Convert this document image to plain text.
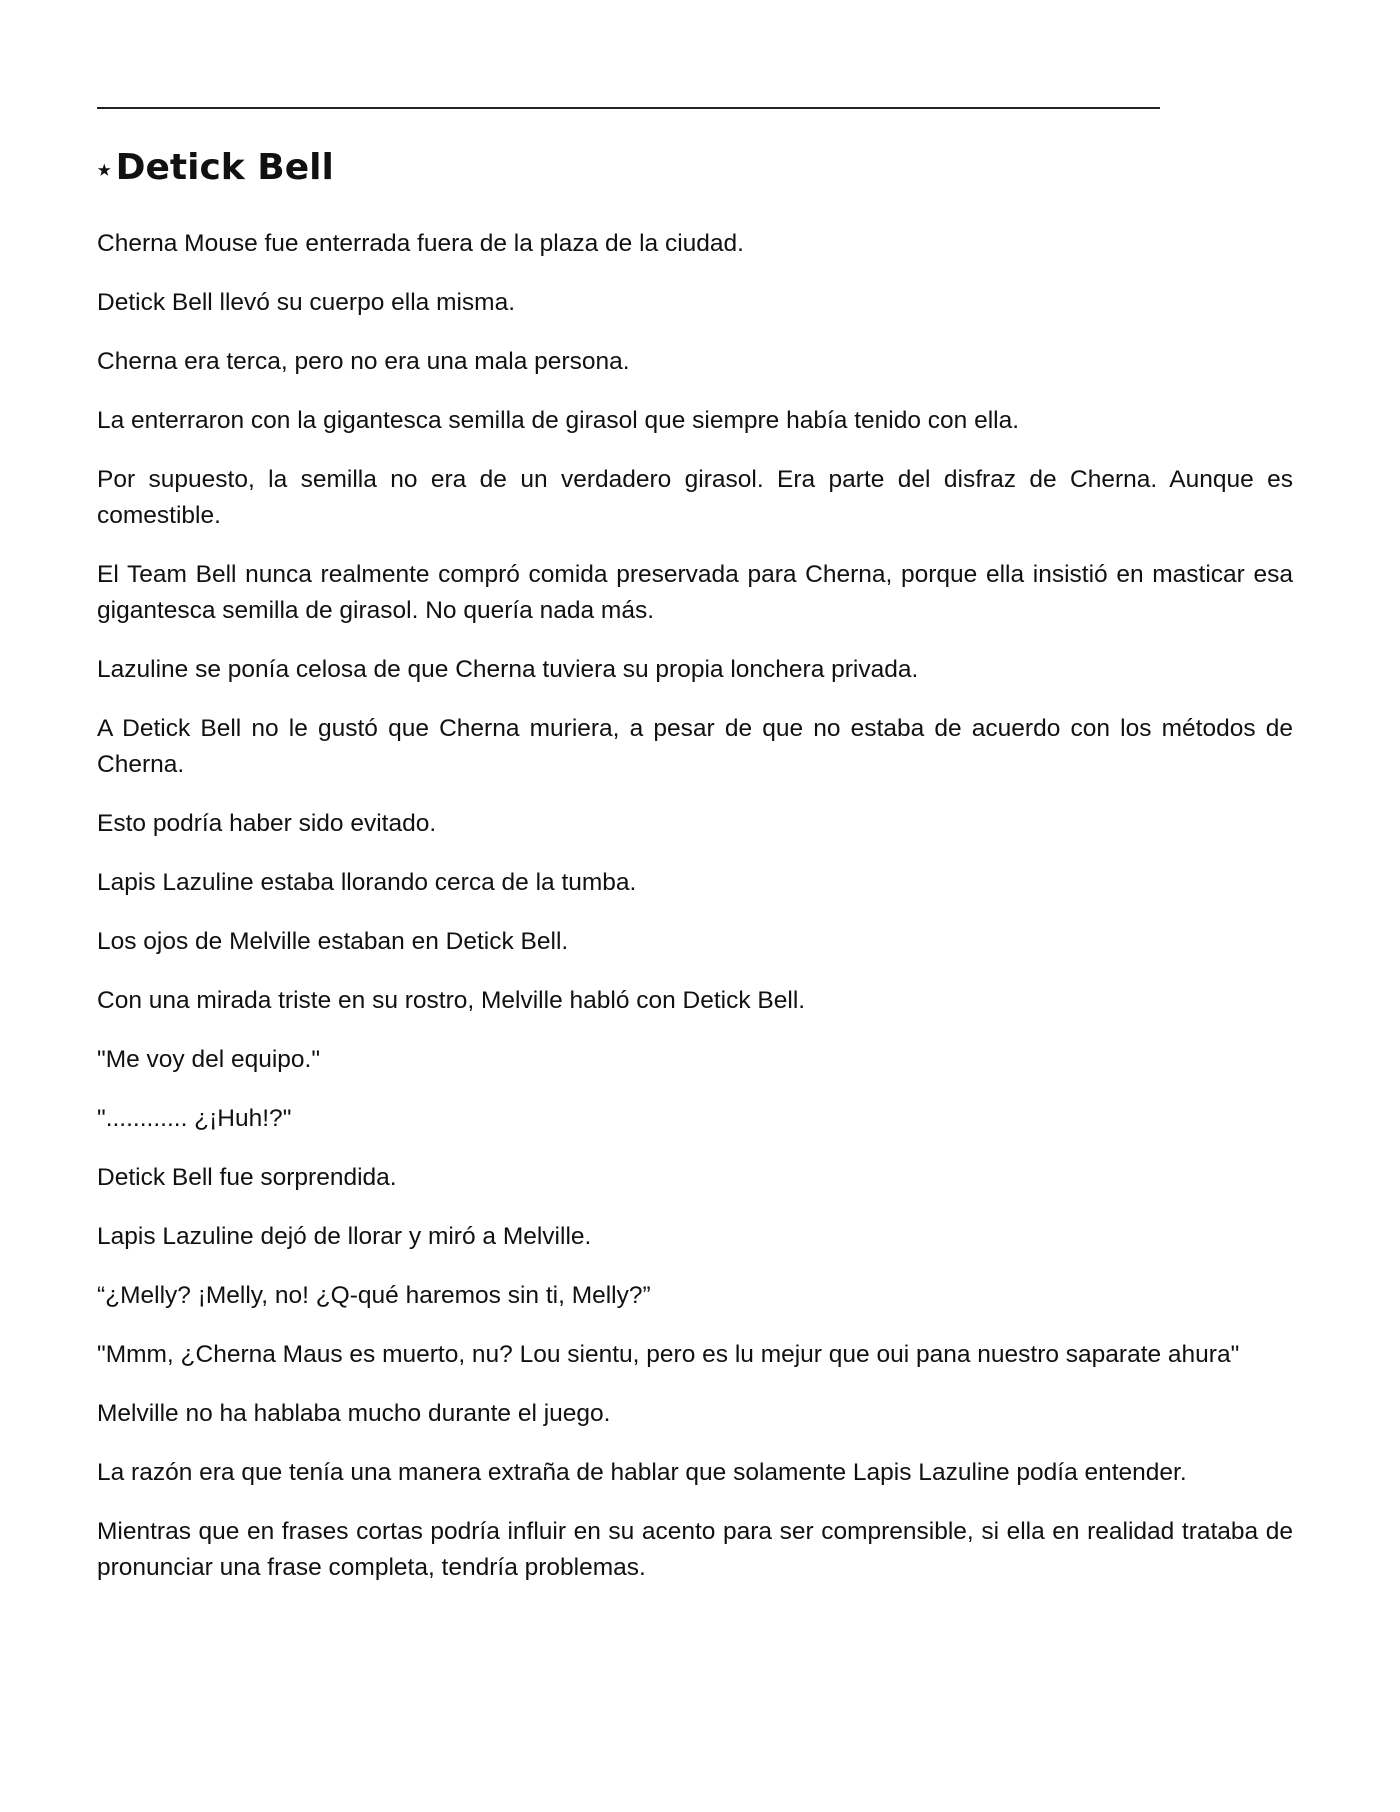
⭑ Detick Bell

Cherna Mouse fue enterrada fuera de la plaza de la ciudad.

Detick Bell llevó su cuerpo ella misma.

Cherna era terca, pero no era una mala persona.

La enterraron con la gigantesca semilla de girasol que siempre había tenido con ella.

Por supuesto, la semilla no era de un verdadero girasol. Era parte del disfraz de Cherna. Aunque es comestible.

El Team Bell nunca realmente compró comida preservada para Cherna, porque ella insistió en masticar esa gigantesca semilla de girasol. No quería nada más.

Lazuline se ponía celosa de que Cherna tuviera su propia lonchera privada.

A Detick Bell no le gustó que Cherna muriera, a pesar de que no estaba de acuerdo con los métodos de Cherna.

Esto podría haber sido evitado.

Lapis Lazuline estaba llorando cerca de la tumba.

Los ojos de Melville estaban en Detick Bell.

Con una mirada triste en su rostro, Melville habló con Detick Bell.

"Me voy del equipo."

"............ ¿¡Huh!?"

Detick Bell fue sorprendida.

Lapis Lazuline dejó de llorar y miró a Melville.

“¿Melly? ¡Melly, no! ¿Q-qué haremos sin ti, Melly?”

"Mmm, ¿Cherna Maus es muerto, nu? Lou sientu, pero es lu mejur que oui pana nuestro saparate ahura"

Melville no ha hablaba mucho durante el juego.

La razón era que tenía una manera extraña de hablar que solamente Lapis Lazuline podía entender.

Mientras que en frases cortas podría influir en su acento para ser comprensible, si ella en realidad trataba de pronunciar una frase completa, tendría problemas.
